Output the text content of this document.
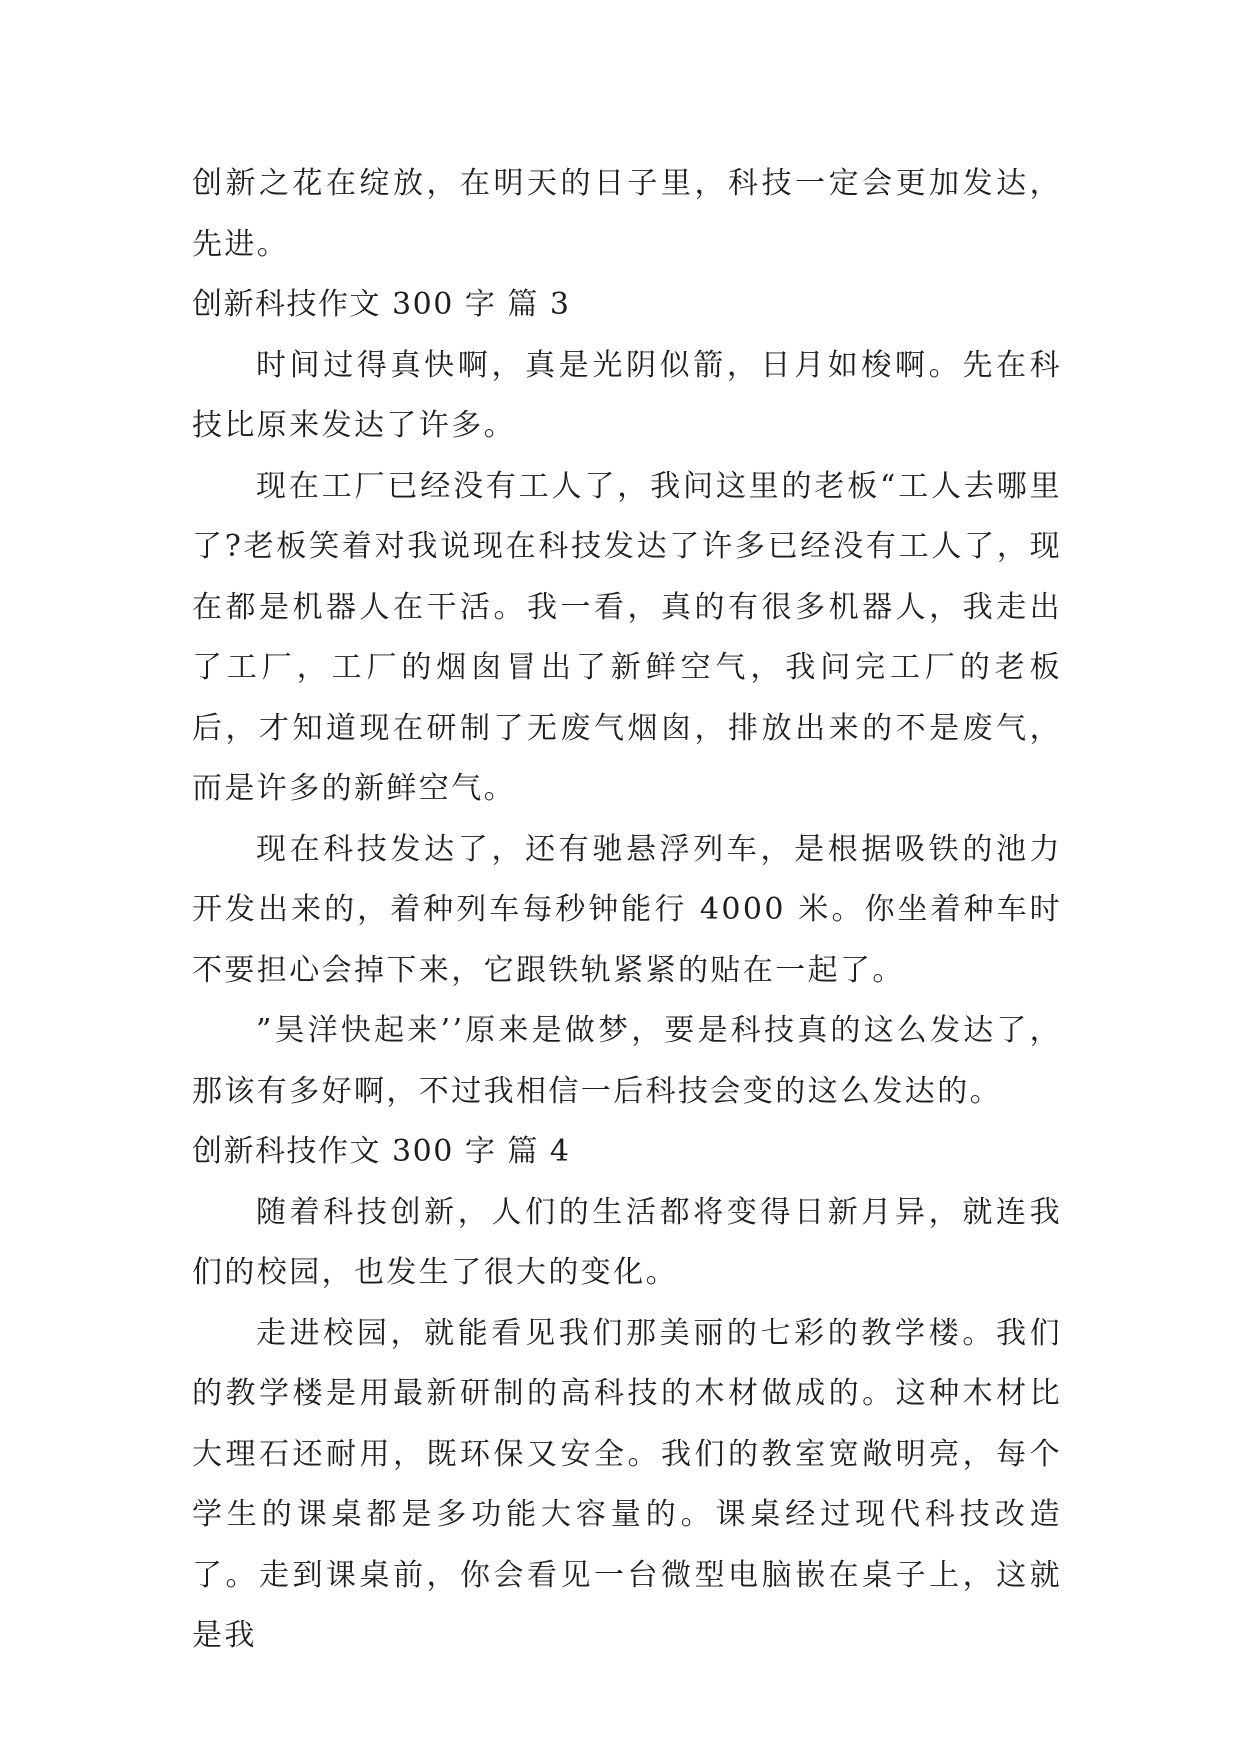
创新之花在绽放，在明天的日子里，科技一定会更加发达，先进。

创新科技作文 300 字 篇 3

时间过得真快啊，真是光阴似箭，日月如梭啊。先在科技比原来发达了许多。

现在工厂已经没有工人了，我问这里的老板“工人去哪里了?老板笑着对我说现在科技发达了许多已经没有工人了，现在都是机器人在干活。我一看，真的有很多机器人，我走出了工厂，工厂的烟囱冒出了新鲜空气，我问完工厂的老板后，才知道现在研制了无废气烟囱，排放出来的不是废气，而是许多的新鲜空气。

现在科技发达了，还有驰悬浮列车，是根据吸铁的池力开发出来的，着种列车每秒钟能行 4000 米。你坐着种车时不要担心会掉下来，它跟铁轨紧紧的贴在一起了。

”昊洋快起来’’原来是做梦，要是科技真的这么发达了，那该有多好啊，不过我相信一后科技会变的这么发达的。

创新科技作文 300 字 篇 4

随着科技创新，人们的生活都将变得日新月异，就连我们的校园，也发生了很大的变化。

走进校园，就能看见我们那美丽的七彩的教学楼。我们的教学楼是用最新研制的高科技的木材做成的。这种木材比大理石还耐用，既环保又安全。我们的教室宽敞明亮，每个学生的课桌都是多功能大容量的。课桌经过现代科技改造了。走到课桌前，你会看见一台微型电脑嵌在桌子上，这就是我
